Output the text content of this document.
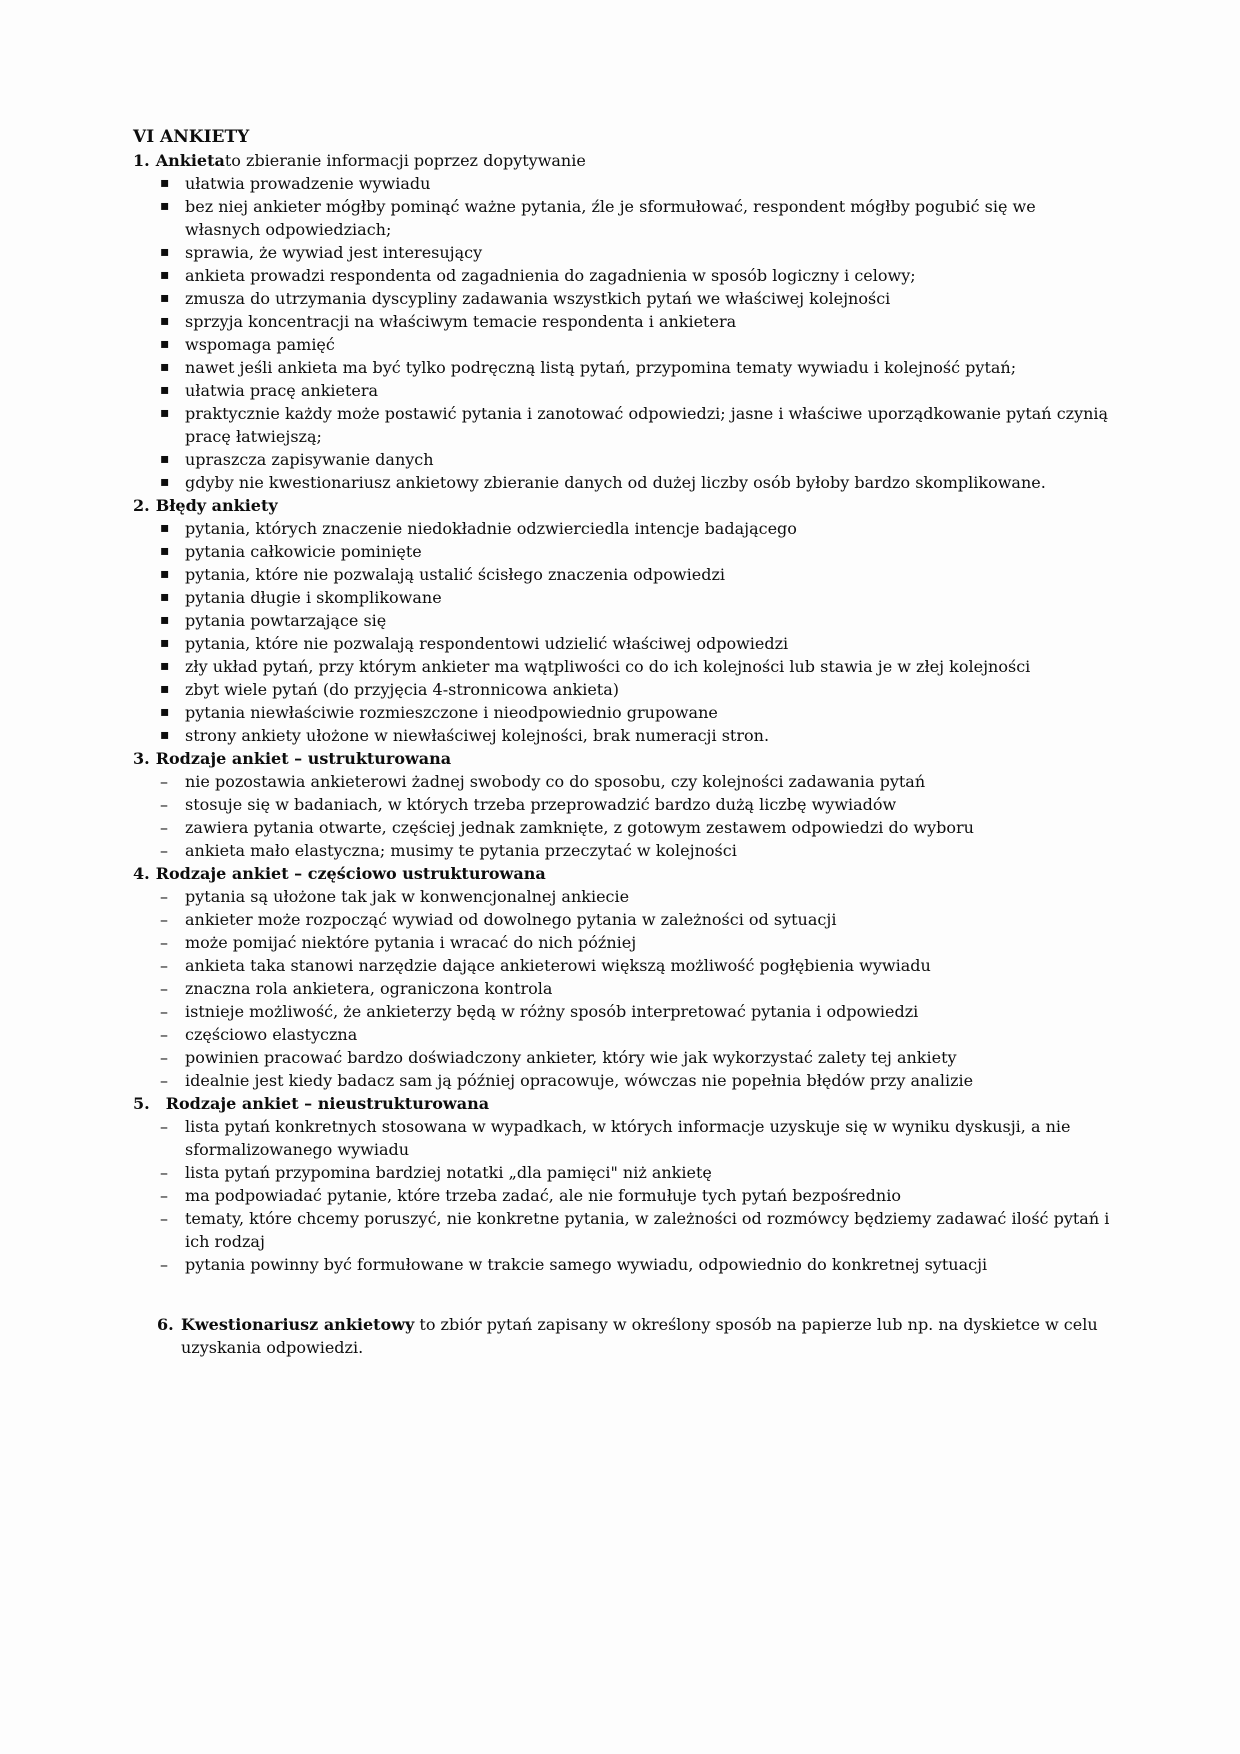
VI ANKIETY

1. Ankietato zbieranie informacji poprzez dopytywanie

▪ ułatwia prowadzenie wywiadu
▪ bez niej ankieter mógłby pominąć ważne pytania, źle je sformułować, respondent mógłby pogubić się we własnych odpowiedziach;
▪ sprawia, że wywiad jest interesujący
▪ ankieta prowadzi respondenta od zagadnienia do zagadnienia w sposób logiczny i celowy;
▪ zmusza do utrzymania dyscypliny zadawania wszystkich pytań we właściwej kolejności
▪ sprzyja koncentracji na właściwym temacie respondenta i ankietera
▪ wspomaga pamięć
▪ nawet jeśli ankieta ma być tylko podręczną listą pytań, przypomina tematy wywiadu i kolejność pytań;
▪ ułatwia pracę ankietera
▪ praktycznie każdy może postawić pytania i zanotować odpowiedzi; jasne i właściwe uporządkowanie pytań czynią pracę łatwiejszą;
▪ upraszcza zapisywanie danych
▪ gdyby nie kwestionariusz ankietowy zbieranie danych od dużej liczby osób byłoby bardzo skomplikowane.

2. Błędy ankiety

▪ pytania, których znaczenie niedokładnie odzwierciedla intencje badającego
▪ pytania całkowicie pominięte
▪ pytania, które nie pozwalają ustalić ścisłego znaczenia odpowiedzi
▪ pytania długie i skomplikowane
▪ pytania powtarzające się
▪ pytania, które nie pozwalają respondentowi udzielić właściwej odpowiedzi
▪ zły układ pytań, przy którym ankieter ma wątpliwości co do ich kolejności lub stawia je w złej kolejności
▪ zbyt wiele pytań (do przyjęcia 4-stronnicowa ankieta)
▪ pytania niewłaściwie rozmieszczone i nieodpowiednio grupowane
▪ strony ankiety ułożone w niewłaściwej kolejności, brak numeracji stron.

3. Rodzaje ankiet – ustrukturowana

–	nie pozostawia ankieterowi żadnej swobody co do sposobu, czy kolejności zadawania pytań
–	stosuje się w badaniach, w których trzeba przeprowadzić bardzo dużą liczbę wywiadów
–	zawiera pytania otwarte, częściej jednak zamknięte, z gotowym zestawem odpowiedzi do wyboru
–	ankieta mało elastyczna; musimy te pytania przeczytać w kolejności

4. Rodzaje ankiet – częściowo ustrukturowana

–	pytania są ułożone tak jak w konwencjonalnej ankiecie
–	ankieter może rozpocząć wywiad od dowolnego pytania w zależności od sytuacji
–	może pomijać niektóre pytania i wracać do nich później
–	ankieta taka stanowi narzędzie dające ankieterowi większą możliwość pogłębienia wywiadu
–	znaczna rola ankietera, ograniczona kontrola
–	istnieje możliwość, że ankieterzy będą w różny sposób interpretować pytania i odpowiedzi
–	częściowo elastyczna
–	powinien pracować bardzo doświadczony ankieter, który wie jak wykorzystać zalety tej ankiety
–	idealnie jest kiedy badacz sam ją później opracowuje, wówczas nie popełnia błędów przy analizie

5. Rodzaje ankiet – nieustrukturowana

–	lista pytań konkretnych stosowana w wypadkach, w których informacje uzyskuje się w wyniku dyskusji, a nie sformalizowanego wywiadu
–	lista pytań przypomina bardziej notatki „dla pamięci" niż ankietę
–	ma podpowiadać pytanie, które trzeba zadać, ale nie formułuje tych pytań bezpośrednio
–	tematy, które chcemy poruszyć, nie konkretne pytania, w zależności od rozmówcy będziemy zadawać ilość pytań i ich rodzaj
–	pytania powinny być formułowane w trakcie samego wywiadu, odpowiednio do konkretnej sytuacji
6. Kwestionariusz ankietowy to zbiór pytań zapisany w określony sposób na papierze lub np. na dyskietce w celu uzyskania odpowiedzi.
